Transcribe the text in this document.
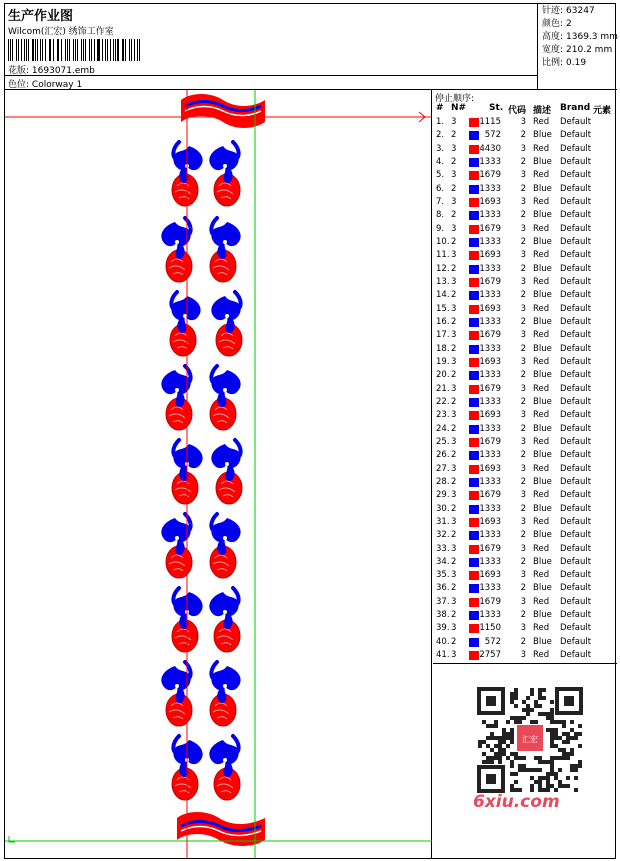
生产作业图
Wilcom(汇宏) 绣饰工作室
花版: 1693071.emb
色位: Colorway 1
针迹: 63247
颜色: 2
高度: 1369.3 mm
宽度: 210.2 mm
比例: 0.19
停止顺序:
# N#	St. 代码 描述 Brand 元素
1. 3	1115 3 Red Default
2. 2	572 2 Blue Default
3. 3	4430 3 Red Default
4. 2	1333 2 Blue Default
5. 3	1679 3 Red Default
6. 2	1333 2 Blue Default
7. 3	1693 3 Red Default
8. 2	1333 2 Blue Default
9. 3	1679 3 Red Default
10. 2	1333 2 Blue Default
11. 3	1693 3 Red Default
12. 2	1333 2 Blue Default
13. 3	1679 3 Red Default
14. 2	1333 2 Blue Default
15. 3	1693 3 Red Default
16. 2	1333 2 Blue Default
17. 3	1679 3 Red Default
18. 2	1333 2 Blue Default
19. 3	1693 3 Red Default
20. 2	1333 2 Blue Default
21. 3	1679 3 Red Default
22. 2	1333 2 Blue Default
23. 3	1693 3 Red Default
24. 2	1333 2 Blue Default
25. 3	1679 3 Red Default
26. 2	1333 2 Blue Default
27. 3	1693 3 Red Default
28. 2	1333 2 Blue Default
29. 3	1679 3 Red Default
30. 2	1333 2 Blue Default
31. 3	1693 3 Red Default
32. 2	1333 2 Blue Default
33. 3	1679 3 Red Default
34. 2	1333 2 Blue Default
35. 3	1693 3 Red Default
36. 2	1333 2 Blue Default
37. 3	1679 3 Red Default
38. 2	1333 2 Blue Default
39. 3	1150 3 Red Default
40. 2	572 2 Blue Default
41. 3	2757 3 Red Default
汇宏
6xiu.com
